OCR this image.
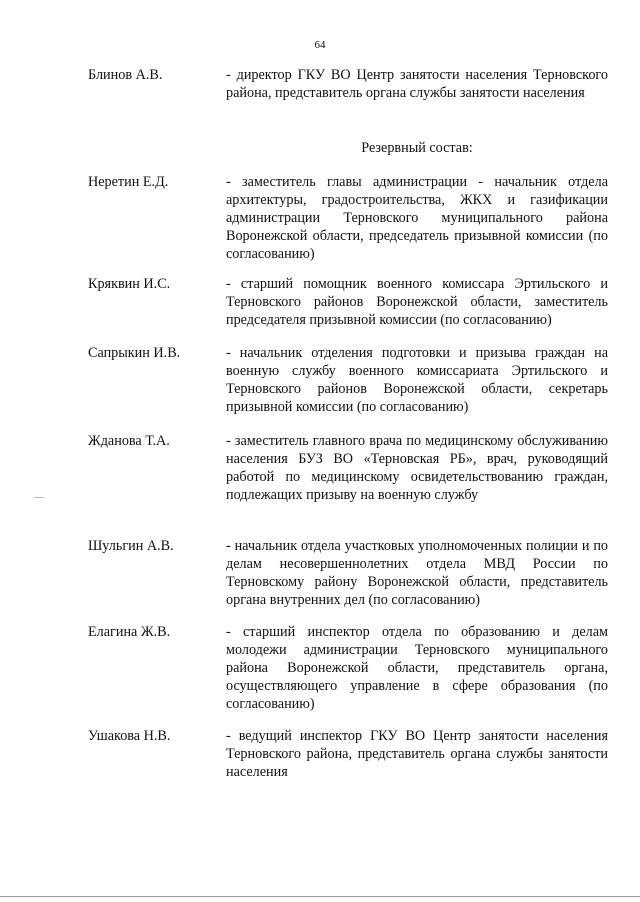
64
Блинов А.В.	- директор ГКУ ВО Центр занятости населения Терновского района, представитель органа службы занятости населения
Резервный состав:
Неретин Е.Д.	- заместитель главы администрации - начальник отдела архитектуры, градостроительства, ЖКХ и газификации администрации Терновского муниципального района Воронежской области, председатель призывной комиссии (по согласованию)
Кряквин И.С.	- старший помощник военного комиссара Эртильского и Терновского районов Воронежской области, заместитель председателя призывной комиссии (по согласованию)
Сапрыкин И.В.	- начальник отделения подготовки и призыва граждан на военную службу военного комиссариата Эртильского и Терновского районов Воронежской области, секретарь призывной комиссии (по согласованию)
Жданова Т.А.	- заместитель главного врача по медицинскому обслуживанию населения БУЗ ВО «Терновская РБ», врач, руководящий работой по медицинскому освидетельствованию граждан, подлежащих призыву на военную службу
Шульгин А.В.	- начальник отдела участковых уполномоченных полиции и по делам несовершеннолетних отдела МВД России по Терновскому району Воронежской области, представитель органа внутренних дел (по согласованию)
Елагина Ж.В.	- старший инспектор отдела по образованию и делам молодежи администрации Терновского муниципального района Воронежской области, представитель органа, осуществляющего управление в сфере образования (по согласованию)
Ушакова Н.В.	- ведущий инспектор ГКУ ВО Центр занятости населения Терновского района, представитель органа службы занятости населения
